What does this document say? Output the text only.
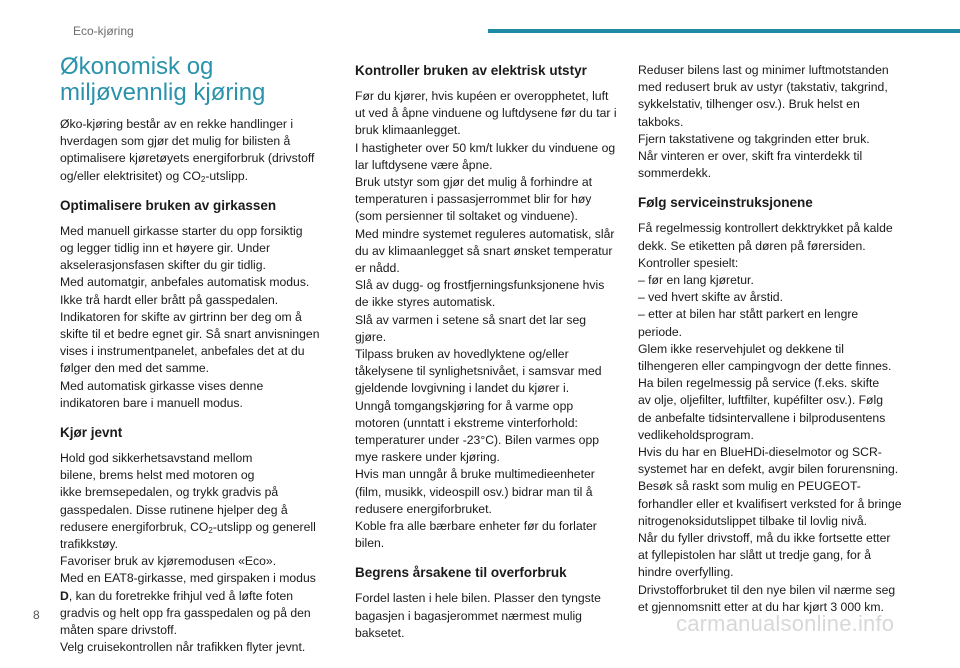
Eco-kjøring
Økonomisk og
miljøvennlig kjøring

Øko-kjøring består av en rekke handlinger i
hverdagen som gjør det mulig for bilisten å
optimalisere kjøretøyets energiforbruk (drivstoff
og/eller elektrisitet) og $CO_2$-utslipp.

Optimalisere bruken av girkassen

Med manuell girkasse starter du opp forsiktig
og legger tidlig inn et høyere gir. Under
akselerasjonsfasen skifter du gir tidlig.
Med automatgir, anbefales automatisk modus.
Ikke trå hardt eller brått på gasspedalen.
Indikatoren for skifte av girtrinn ber deg om å
skifte til et bedre egnet gir. Så snart anvisningen
vises i instrumentpanelet, anbefales det at du
følger den med det samme.
Med automatisk girkasse vises denne
indikatoren bare i manuell modus.

Kjør jevnt

Hold god sikkerhetsavstand mellom
bilene, brems helst med motoren og
ikke bremsepedalen, og trykk gradvis på
gasspedalen. Disse rutinene hjelper deg å
redusere energiforbruk, $CO_2$-utslipp og generell
trafikkstøy.
Favoriser bruk av kjøremodusen «Eco».
Med en EAT8-girkasse, med girspaken i modus
D, kan du foretrekke frihjul ved å løfte foten
gradvis og helt opp fra gasspedalen og på den
måten spare drivstoff.
Velg cruisekontrollen når trafikken flyter jevnt.

Kontroller bruken av elektrisk utstyr

Før du kjører, hvis kupéen er overopphetet, luft
ut ved å åpne vinduene og luftdysene før du tar i
bruk klimaanlegget.
I hastigheter over 50 km/t lukker du vinduene og
lar luftdysene være åpne.
Bruk utstyr som gjør det mulig å forhindre at
temperaturen i passasjerrommet blir for høy
(som persienner til soltaket og vinduene).
Med mindre systemet reguleres automatisk, slår
du av klimaanlegget så snart ønsket temperatur
er nådd.
Slå av dugg- og frostfjerningsfunksjonene hvis
de ikke styres automatisk.
Slå av varmen i setene så snart det lar seg
gjøre.
Tilpass bruken av hovedlyktene og/eller
tåkelysene til synlighetsnivået, i samsvar med
gjeldende lovgivning i landet du kjører i.
Unngå tomgangskjøring for å varme opp
motoren (unntatt i ekstreme vinterforhold:
temperaturer under -23°C). Bilen varmes opp
mye raskere under kjøring.
Hvis man unngår å bruke multimedieenheter
(film, musikk, videospill osv.) bidrar man til å
redusere energiforbruket.
Koble fra alle bærbare enheter før du forlater
bilen.

Begrens årsakene til overforbruk

Fordel lasten i hele bilen. Plasser den tyngste
bagasjen i bagasjerommet nærmest mulig
baksetet.

Reduser bilens last og minimer luftmotstanden
med redusert bruk av ustyr (takstativ, takgrind,
sykkelstativ, tilhenger osv.). Bruk helst en
takboks.
Fjern takstativene og takgrinden etter bruk.
Når vinteren er over, skift fra vinterdekk til
sommerdekk.

Følg serviceinstruksjonene

Få regelmessig kontrollert dekktrykket på kalde
dekk. Se etiketten på døren på førersiden.
Kontroller spesielt:
– før en lang kjøretur.
– ved hvert skifte av årstid.
– etter at bilen har stått parkert en lengre
periode.
Glem ikke reservehjulet og dekkene til
tilhengeren eller campingvogn der dette finnes.
Ha bilen regelmessig på service (f.eks. skifte
av olje, oljefilter, luftfilter, kupéfilter osv.). Følg
de anbefalte tidsintervallene i bilprodusentens
vedlikeholdsprogram.
Hvis du har en BlueHDi-dieselmotor og SCR-
systemet har en defekt, avgir bilen forurensning.
Besøk så raskt som mulig en PEUGEOT-
forhandler eller et kvalifisert verksted for å bringe
nitrogenoksidutslippet tilbake til lovlig nivå.
Når du fyller drivstoff, må du ikke fortsette etter
at fyllepistolen har slått ut tredje gang, for å
hindre overfylling.
Drivstofforbruket til den nye bilen vil nærme seg
et gjennomsnitt etter at du har kjørt 3 000 km.

8	carmanualsonline.info
